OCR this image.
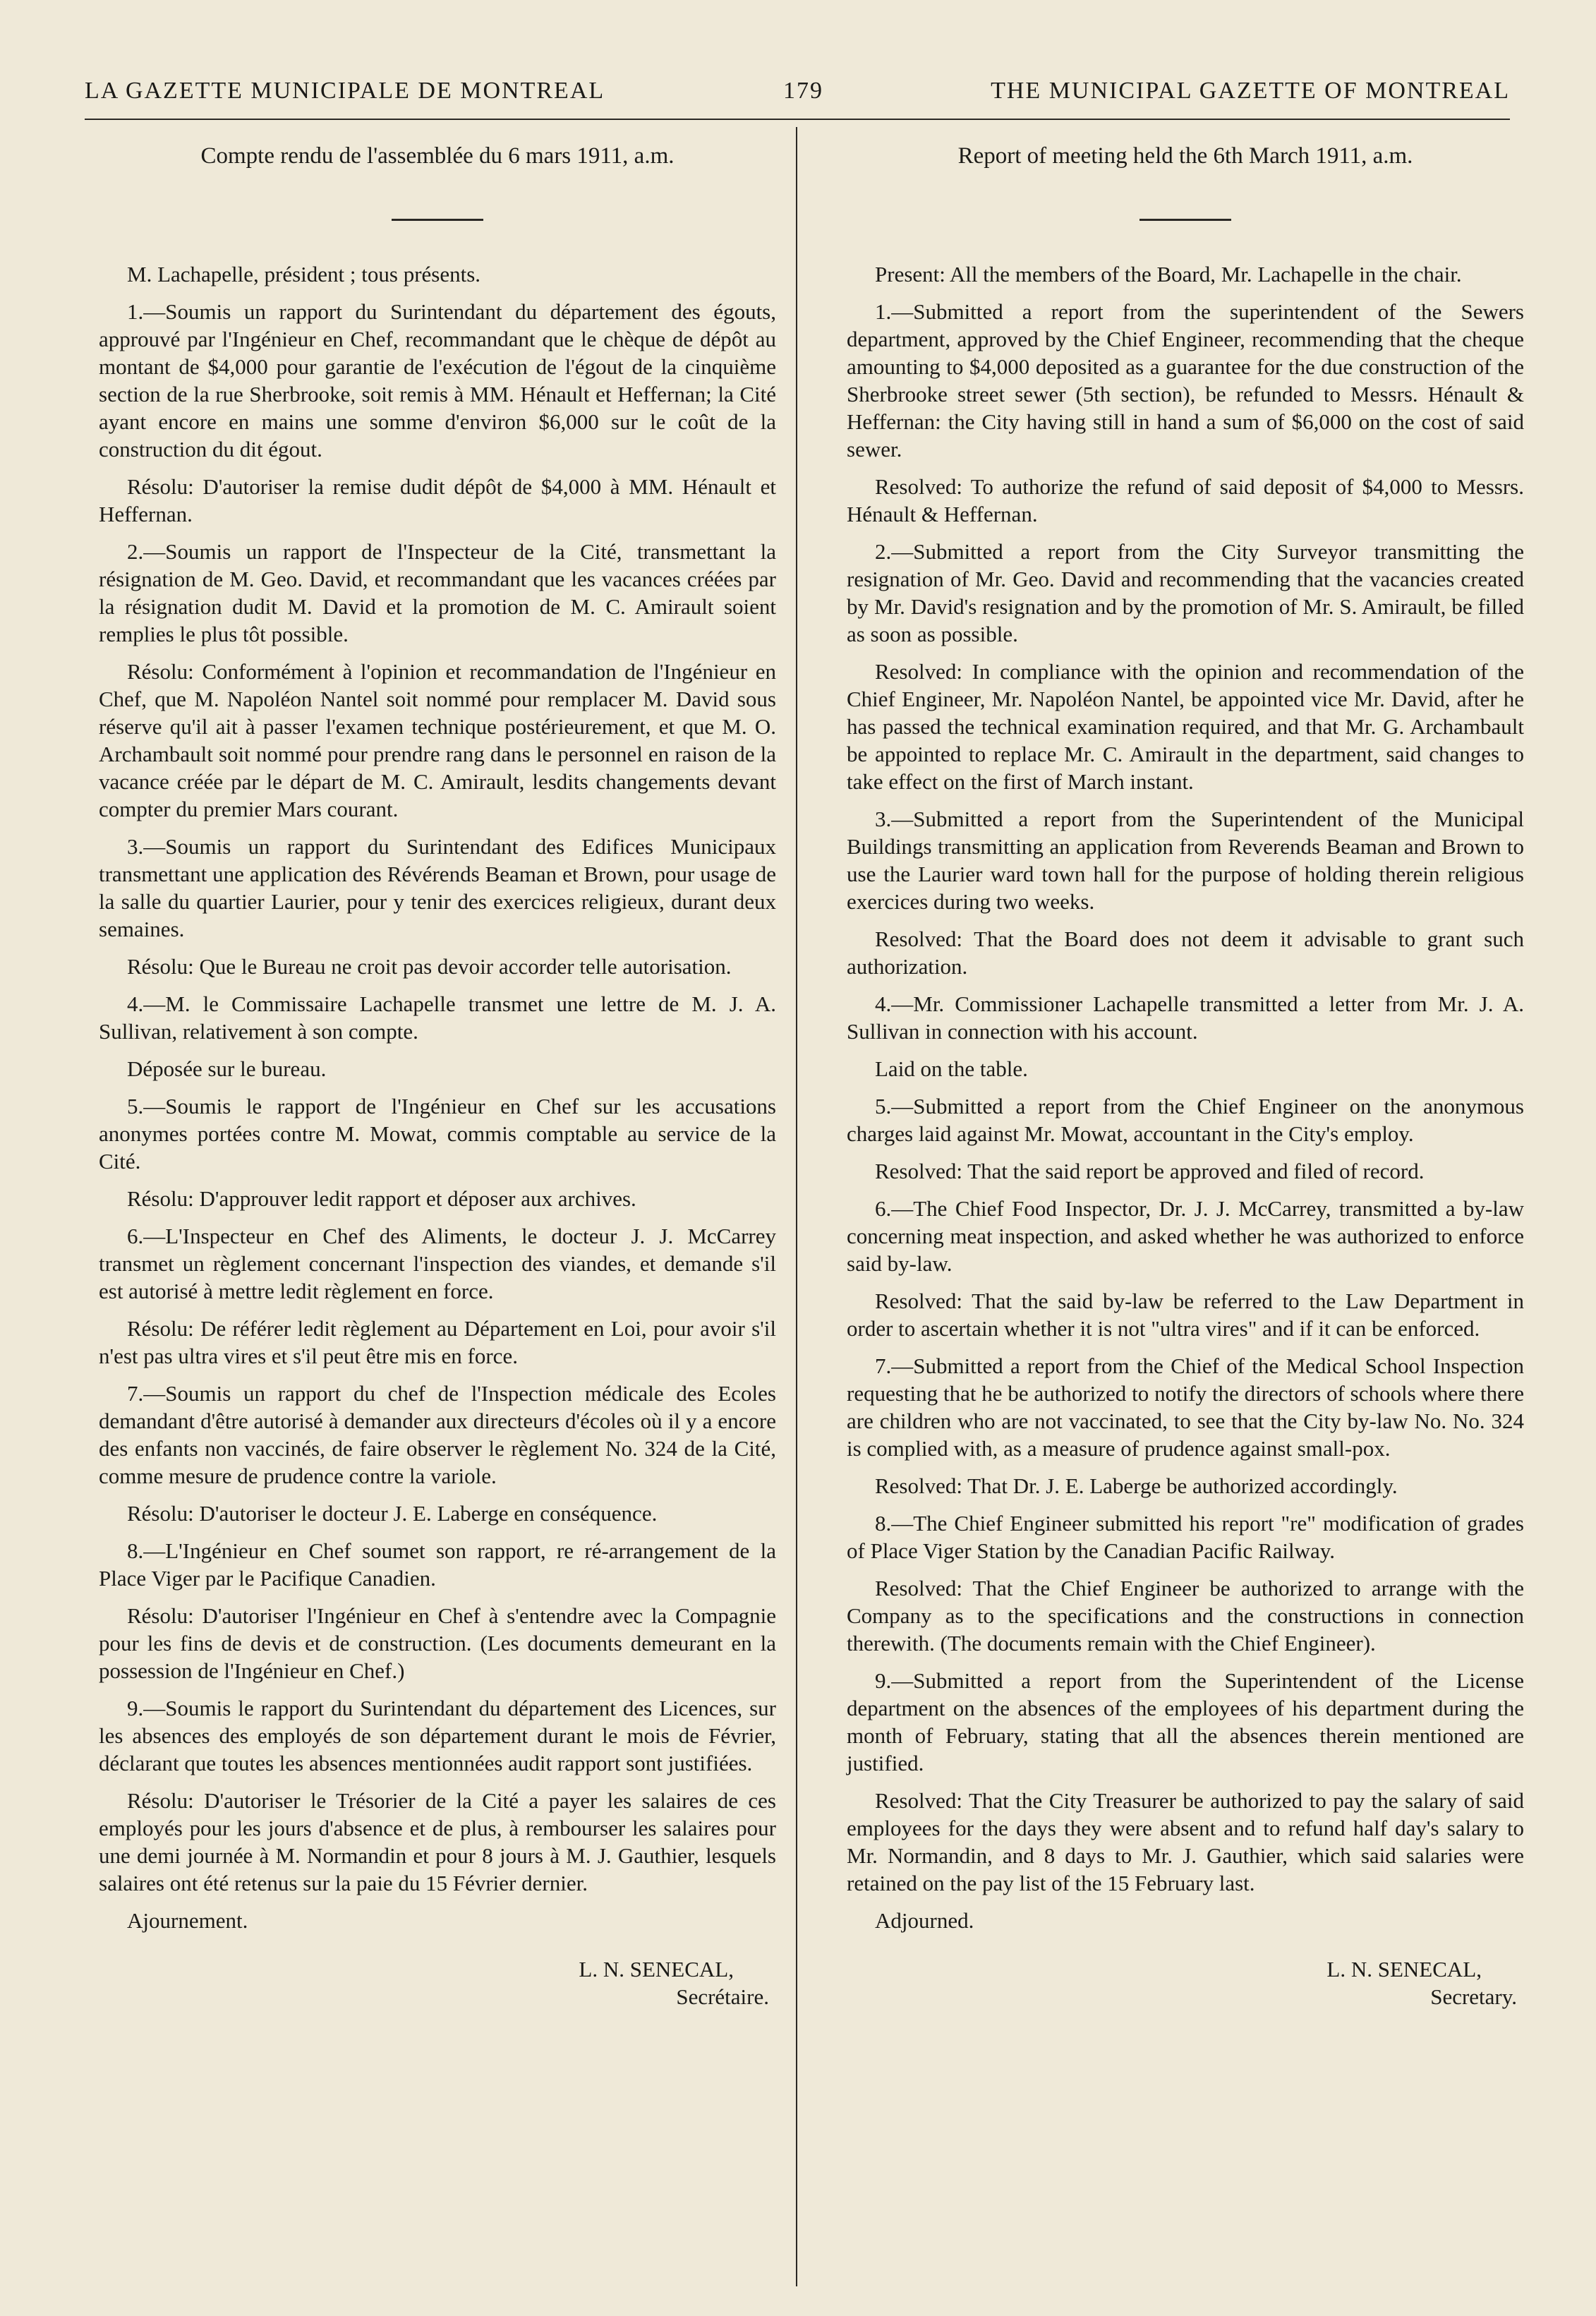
LA GAZETTE MUNICIPALE DE MONTREAL	179	THE MUNICIPAL GAZETTE OF MONTREAL
Compte rendu de l'assemblée du 6 mars 1911, a.m.

M. Lachapelle, président ; tous présents.

1.—Soumis un rapport du Surintendant du département des égouts, approuvé par l'Ingénieur en Chef, recommandant que le chèque de dépôt au montant de $4,000 pour garantie de l'exécution de l'égout de la cinquième section de la rue Sherbrooke, soit remis à MM. Hénault et Heffernan; la Cité ayant encore en mains une somme d'environ $6,000 sur le coût de la construction du dit égout.

Résolu: D'autoriser la remise dudit dépôt de $4,000 à MM. Hénault et Heffernan.

2.—Soumis un rapport de l'Inspecteur de la Cité, transmettant la résignation de M. Geo. David, et recommandant que les vacances créées par la résignation dudit M. David et la promotion de M. C. Amirault soient remplies le plus tôt possible.

Résolu: Conformément à l'opinion et recommandation de l'Ingénieur en Chef, que M. Napoléon Nantel soit nommé pour remplacer M. David sous réserve qu'il ait à passer l'examen technique postérieurement, et que M. O. Archambault soit nommé pour prendre rang dans le personnel en raison de la vacance créée par le départ de M. C. Amirault, lesdits changements devant compter du premier Mars courant.

3.—Soumis un rapport du Surintendant des Edifices Municipaux transmettant une application des Révérends Beaman et Brown, pour usage de la salle du quartier Laurier, pour y tenir des exercices religieux, durant deux semaines.

Résolu: Que le Bureau ne croit pas devoir accorder telle autorisation.

4.—M. le Commissaire Lachapelle transmet une lettre de M. J. A. Sullivan, relativement à son compte.

Déposée sur le bureau.

5.—Soumis le rapport de l'Ingénieur en Chef sur les accusations anonymes portées contre M. Mowat, commis comptable au service de la Cité.

Résolu: D'approuver ledit rapport et déposer aux archives.

6.—L'Inspecteur en Chef des Aliments, le docteur J. J. McCarrey transmet un règlement concernant l'inspection des viandes, et demande s'il est autorisé à mettre ledit règlement en force.

Résolu: De référer ledit règlement au Département en Loi, pour avoir s'il n'est pas ultra vires et s'il peut être mis en force.

7.—Soumis un rapport du chef de l'Inspection médicale des Ecoles demandant d'être autorisé à demander aux directeurs d'écoles où il y a encore des enfants non vaccinés, de faire observer le règlement No. 324 de la Cité, comme mesure de prudence contre la variole.

Résolu: D'autoriser le docteur J. E. Laberge en conséquence.

8.—L'Ingénieur en Chef soumet son rapport, re ré-arrangement de la Place Viger par le Pacifique Canadien.

Résolu: D'autoriser l'Ingénieur en Chef à s'entendre avec la Compagnie pour les fins de devis et de construction. (Les documents demeurant en la possession de l'Ingénieur en Chef.)

9.—Soumis le rapport du Surintendant du département des Licences, sur les absences des employés de son département durant le mois de Février, déclarant que toutes les absences mentionnées audit rapport sont justifiées.

Résolu: D'autoriser le Trésorier de la Cité a payer les salaires de ces employés pour les jours d'absence et de plus, à rembourser les salaires pour une demi journée à M. Normandin et pour 8 jours à M. J. Gauthier, lesquels salaires ont été retenus sur la paie du 15 Février dernier.

Ajournement.

L. N. SENECAL,
Secrétaire.
Report of meeting held the 6th March 1911, a.m.

Present: All the members of the Board, Mr. Lachapelle in the chair.

1.—Submitted a report from the superintendent of the Sewers department, approved by the Chief Engineer, recommending that the cheque amounting to $4,000 deposited as a guarantee for the due construction of the Sherbrooke street sewer (5th section), be refunded to Messrs. Hénault & Heffernan: the City having still in hand a sum of $6,000 on the cost of said sewer.

Resolved: To authorize the refund of said deposit of $4,000 to Messrs. Hénault & Heffernan.

2.—Submitted a report from the City Surveyor transmitting the resignation of Mr. Geo. David and recommending that the vacancies created by Mr. David's resignation and by the promotion of Mr. S. Amirault, be filled as soon as possible.

Resolved: In compliance with the opinion and recommendation of the Chief Engineer, Mr. Napoléon Nantel, be appointed vice Mr. David, after he has passed the technical examination required, and that Mr. G. Archambault be appointed to replace Mr. C. Amirault in the department, said changes to take effect on the first of March instant.

3.—Submitted a report from the Superintendent of the Municipal Buildings transmitting an application from Reverends Beaman and Brown to use the Laurier ward town hall for the purpose of holding therein religious exercices during two weeks.

Resolved: That the Board does not deem it advisable to grant such authorization.

4.—Mr. Commissioner Lachapelle transmitted a letter from Mr. J. A. Sullivan in connection with his account.

Laid on the table.

5.—Submitted a report from the Chief Engineer on the anonymous charges laid against Mr. Mowat, accountant in the City's employ.

Resolved: That the said report be approved and filed of record.

6.—The Chief Food Inspector, Dr. J. J. McCarrey, transmitted a by-law concerning meat inspection, and asked whether he was authorized to enforce said by-law.

Resolved: That the said by-law be referred to the Law Department in order to ascertain whether it is not "ultra vires" and if it can be enforced.

7.—Submitted a report from the Chief of the Medical School Inspection requesting that he be authorized to notify the directors of schools where there are children who are not vaccinated, to see that the City by-law No. No. 324 is complied with, as a measure of prudence against small-pox.

Resolved: That Dr. J. E. Laberge be authorized accordingly.

8.—The Chief Engineer submitted his report "re" modification of grades of Place Viger Station by the Canadian Pacific Railway.

Resolved: That the Chief Engineer be authorized to arrange with the Company as to the specifications and the constructions in connection therewith. (The documents remain with the Chief Engineer).

9.—Submitted a report from the Superintendent of the License department on the absences of the employees of his department during the month of February, stating that all the absences therein mentioned are justified.

Resolved: That the City Treasurer be authorized to pay the salary of said employees for the days they were absent and to refund half day's salary to Mr. Normandin, and 8 days to Mr. J. Gauthier, which said salaries were retained on the pay list of the 15 February last.

Adjourned.

L. N. SENECAL,
Secretary.
